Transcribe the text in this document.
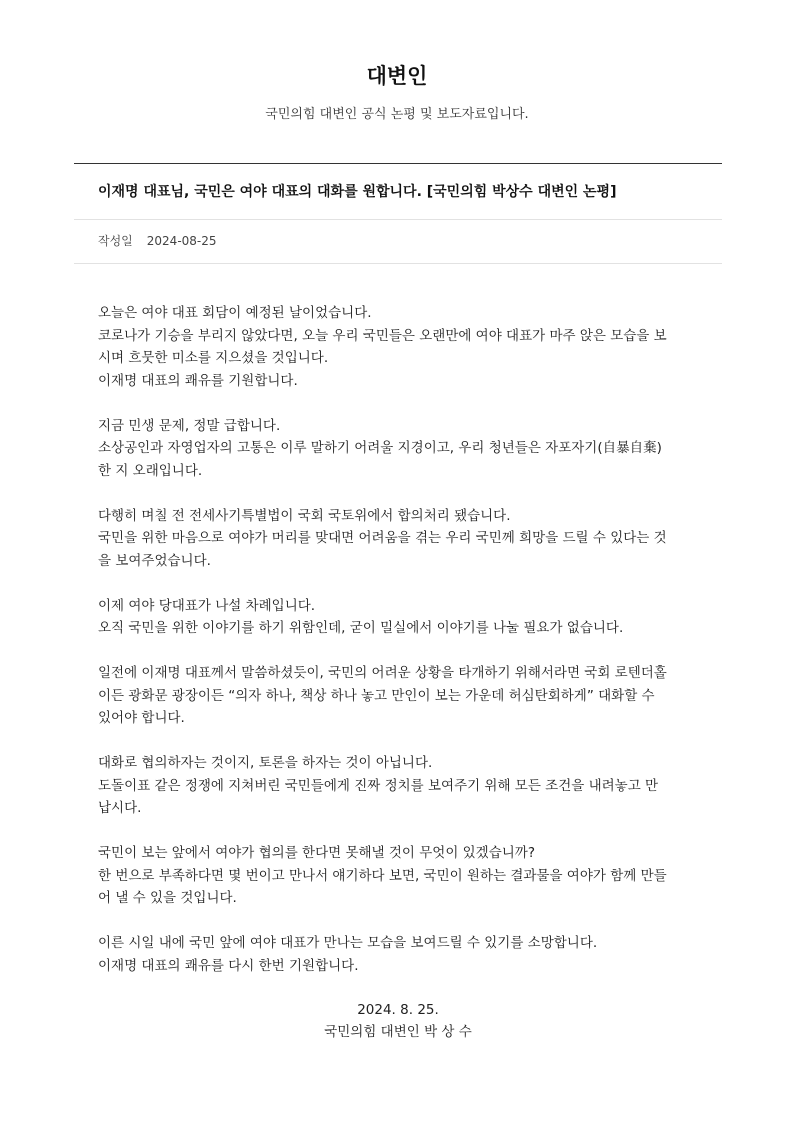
대변인
국민의힘 대변인 공식 논평 및 보도자료입니다.
이재명 대표님, 국민은 여야 대표의 대화를 원합니다. [국민의힘 박상수 대변인 논평]
작성일 2024-08-25

오늘은 여야 대표 회담이 예정된 날이었습니다.
코로나가 기승을 부리지 않았다면, 오늘 우리 국민들은 오랜만에 여야 대표가 마주 앉은 모습을 보
시며 흐뭇한 미소를 지으셨을 것입니다.
이재명 대표의 쾌유를 기원합니다.

지금 민생 문제, 정말 급합니다.
소상공인과 자영업자의 고통은 이루 말하기 어려울 지경이고, 우리 청년들은 자포자기(自暴自棄)
한 지 오래입니다.

다행히 며칠 전 전세사기특별법이 국회 국토위에서 합의처리 됐습니다.
국민을 위한 마음으로 여야가 머리를 맞대면 어려움을 겪는 우리 국민께 희망을 드릴 수 있다는 것
을 보여주었습니다.

이제 여야 당대표가 나설 차례입니다.
오직 국민을 위한 이야기를 하기 위함인데, 굳이 밀실에서 이야기를 나눌 필요가 없습니다.

일전에 이재명 대표께서 말씀하셨듯이, 국민의 어려운 상황을 타개하기 위해서라면 국회 로텐더홀
이든 광화문 광장이든 “의자 하나, 책상 하나 놓고 만인이 보는 가운데 허심탄회하게” 대화할 수
있어야 합니다.

대화로 협의하자는 것이지, 토론을 하자는 것이 아닙니다.
도돌이표 같은 정쟁에 지쳐버린 국민들에게 진짜 정치를 보여주기 위해 모든 조건을 내려놓고 만
납시다.

국민이 보는 앞에서 여야가 협의를 한다면 못해낼 것이 무엇이 있겠습니까?
한 번으로 부족하다면 몇 번이고 만나서 얘기하다 보면, 국민이 원하는 결과물을 여야가 함께 만들
어 낼 수 있을 것입니다.

이른 시일 내에 국민 앞에 여야 대표가 만나는 모습을 보여드릴 수 있기를 소망합니다.
이재명 대표의 쾌유를 다시 한번 기원합니다.

2024. 8. 25.
국민의힘 대변인 박 상 수
